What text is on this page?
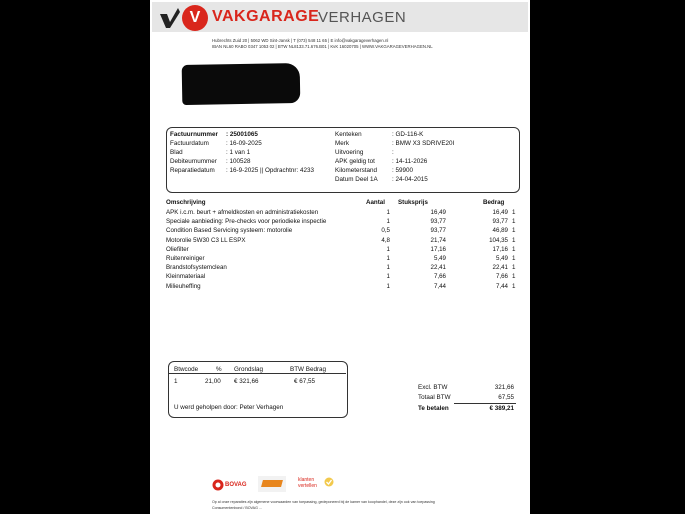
V VAKGARAGE
VERHAGEN
Hubrechts Zuid 20 | 5062 WD Sint-Jansk | T (073) 548 11 65 | E info@vakgarageverhagen.nl
IBAN NL60 RABO 0347 1053 02 | BTW NL8133.71.676.B01 | KvK 16020705 | WWW.VAKGARAGEVERHAGEN.NL
Factuurnummer : 25001065
Factuurdatum	: 16-09-2025
Blad	: 1 van 1
Debiteurnummer : 100528
Reparatiedatum : 16-9-2025 || Opdrachtnr: 4233
Kenteken	: GD-116-K
Merk	: BMW X3 SDRIVE20I
Uitvoering	:
APK geldig tot	: 14-11-2026
Kilometerstand : 59900
Datum Deel 1A : 24-04-2015
Omschrijving	Aantal Stuksprijs	Bedrag
Btwcode	% Grondslag	BTW Bedrag
1	21,00 € 321,66	€ 67,55
U werd geholpen door: Peter Verhagen
Excl. BTW	321,66
Totaal BTW	67,55
Te betalen	€ 389,21
BOVAG
klanten vertellen
Op al onze reparaties zijn algemene voorwaarden van toepassing, gedeponeerd bij de kamer van koophandel, deze zijn ook van toepassing
Consumentenbond / BOVAG ...
APK i.c.m. beurt + afmeldkosten en administratiekosten	1	16,49	16,49 1
Speciale aanbieding: Pre-checks voor periodieke inspectie	1	93,77	93,77 1
Condition Based Servicing systeem: motorolie	0,5	93,77	46,89 1
Motorolie 5W30 C3 LL ESPX	4,8	21,74	104,35 1
Oliefilter	1	17,16	17,16 1
Ruitenreiniger	1	5,49	5,49 1
Brandstofsystemclean	1	22,41	22,41 1
Kleinmateriaal	1	7,66	7,66 1
Milieuheffing	1	7,44	7,44 1
